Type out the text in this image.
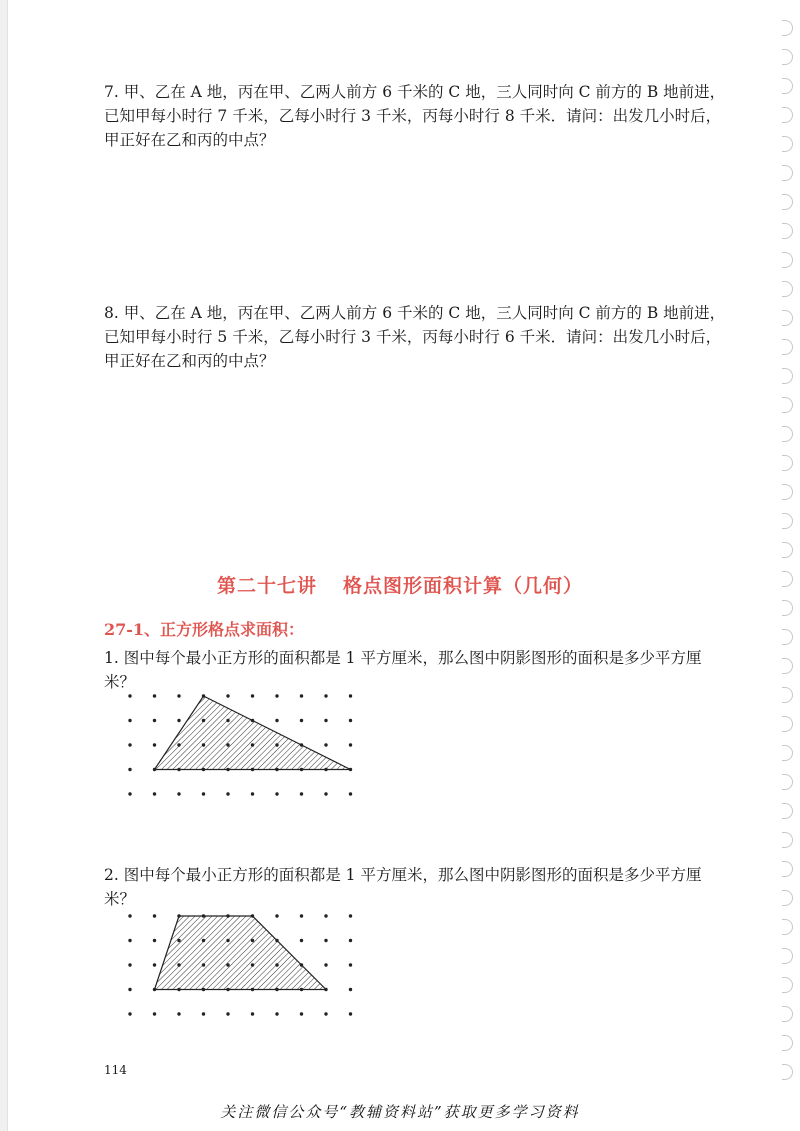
7. 甲、乙在 A 地，丙在甲、乙两人前方 6 千米的 C 地，三人同时向 C 前方的 B 地前进，已知甲每小时行 7 千米，乙每小时行 3 千米，丙每小时行 8 千米．请问：出发几小时后，甲正好在乙和丙的中点？
8. 甲、乙在 A 地，丙在甲、乙两人前方 6 千米的 C 地，三人同时向 C 前方的 B 地前进，已知甲每小时行 5 千米，乙每小时行 3 千米，丙每小时行 6 千米．请问：出发几小时后，甲正好在乙和丙的中点？
第二十七讲 格点图形面积计算（几何）
27-1、正方形格点求面积：
1. 图中每个最小正方形的面积都是 1 平方厘米，那么图中阴影图形的面积是多少平方厘米？
2. 图中每个最小正方形的面积都是 1 平方厘米，那么图中阴影图形的面积是多少平方厘米？
114
关注微信公众号“教辅资料站”获取更多学习资料
